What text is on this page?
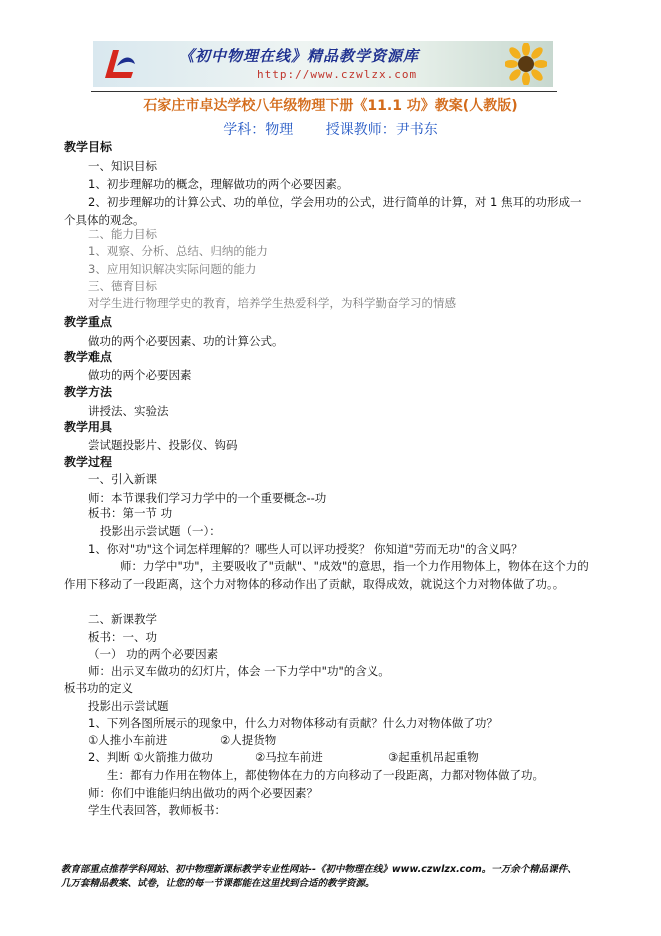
《初中物理在线》精品教学资源库
http://www.czwlzx.com
石家庄市卓达学校八年级物理下册《11.1 功》教案(人教版)
学科：物理 授课教师：尹书东
教学目标
一、知识目标
1、初步理解功的概念，理解做功的两个必要因素。
2、初步理解功的计算公式、功的单位，学会用功的公式，进行简单的计算，对 1 焦耳的功形成一
个具体的观念。
二、能力目标
1、观察、分析、总结、归纳的能力
3、应用知识解决实际问题的能力
三、德育目标
对学生进行物理学史的教育，培养学生热爱科学，为科学勤奋学习的情感
教学重点
做功的两个必要因素、功的计算公式。
教学难点
做功的两个必要因素
教学方法
讲授法、实验法
教学用具
尝试题投影片、投影仪、钩码
教学过程
一、引入新课
师：本节课我们学习力学中的一个重要概念--功
板书：第一节 功
投影出示尝试题（一）：
1、你对"功"这个词怎样理解的？哪些人可以评功授奖？ 你知道"劳而无功"的含义吗？
师：力学中"功"，主要吸收了"贡献"、"成效"的意思，指一个力作用物体上，物体在这个力的
作用下移动了一段距离，这个力对物体的移动作出了贡献，取得成效，就说这个力对物体做了功。。
二、新课教学
板书：一、功
（一） 功的两个必要因素
师：出示叉车做功的幻灯片，体会 一下力学中"功"的含义。
板书功的定义
投影出示尝试题
1、下列各图所展示的现象中，什么力对物体移动有贡献？什么力对物体做了功？
①人推小车前进	②人提货物
2、判断 ①火箭推力做功	②马拉车前进	③起重机吊起重物
生：都有力作用在物体上，都使物体在力的方向移动了一段距离，力都对物体做了功。
师：你们中谁能归纳出做功的两个必要因素？
学生代表回答，教师板书：
教育部重点推荐学科网站、初中物理新课标教学专业性网站--《初中物理在线》www.czwlzx.com。一万余个精品课件、
几万套精品教案、试卷，让您的每一节课都能在这里找到合适的教学资源。
